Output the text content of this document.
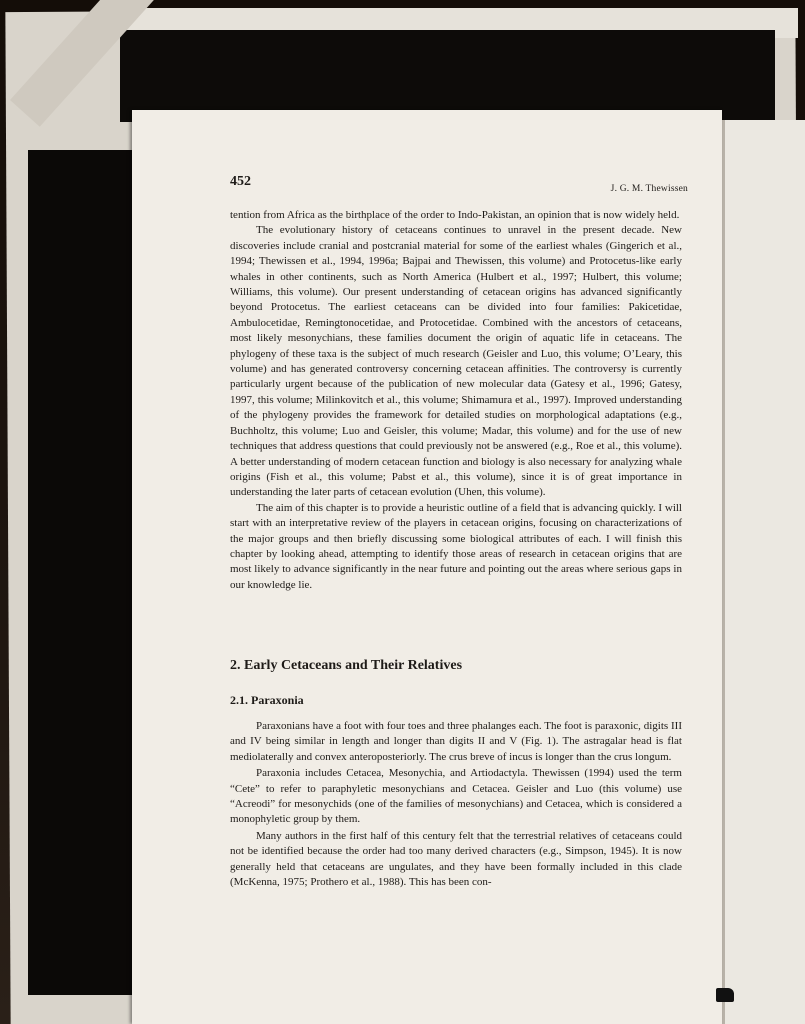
452	J. G. M. Thewissen

tention from Africa as the birthplace of the order to Indo-Pakistan, an opinion that is now widely held.

The evolutionary history of cetaceans continues to unravel in the present decade. New discoveries include cranial and postcranial material for some of the earliest whales (Gingerich et al., 1994; Thewissen et al., 1994, 1996a; Bajpai and Thewissen, this volume) and Protocetus-like early whales in other continents, such as North America (Hulbert et al., 1997; Hulbert, this volume; Williams, this volume). Our present understanding of cetacean origins has advanced significantly beyond Protocetus. The earliest cetaceans can be divided into four families: Pakicetidae, Ambulocetidae, Remingtonocetidae, and Protocetidae. Combined with the ancestors of cetaceans, most likely mesonychians, these families document the origin of aquatic life in cetaceans. The phylogeny of these taxa is the subject of much research (Geisler and Luo, this volume; O’Leary, this volume) and has generated controversy concerning cetacean affinities. The controversy is currently particularly urgent because of the publication of new molecular data (Gatesy et al., 1996; Gatesy, 1997, this volume; Milinkovitch et al., this volume; Shimamura et al., 1997). Improved understanding of the phylogeny provides the framework for detailed studies on morphological adaptations (e.g., Buchholtz, this volume; Luo and Geisler, this volume; Madar, this volume) and for the use of new techniques that address questions that could previously not be answered (e.g., Roe et al., this volume). A better understanding of modern cetacean function and biology is also necessary for analyzing whale origins (Fish et al., this volume; Pabst et al., this volume), since it is of great importance in understanding the later parts of cetacean evolution (Uhen, this volume).

The aim of this chapter is to provide a heuristic outline of a field that is advancing quickly. I will start with an interpretative review of the players in cetacean origins, focusing on characterizations of the major groups and then briefly discussing some biological attributes of each. I will finish this chapter by looking ahead, attempting to identify those areas of research in cetacean origins that are most likely to advance significantly in the near future and pointing out the areas where serious gaps in our knowledge lie.

2. Early Cetaceans and Their Relatives
2.1. Paraxonia

Paraxonians have a foot with four toes and three phalanges each. The foot is paraxonic, digits III and IV being similar in length and longer than digits II and V (Fig. 1). The astragalar head is flat mediolaterally and convex anteroposteriorly. The crus breve of incus is longer than the crus longum.

Paraxonia includes Cetacea, Mesonychia, and Artiodactyla. Thewissen (1994) used the term “Cete” to refer to paraphyletic mesonychians and Cetacea. Geisler and Luo (this volume) use “Acreodi” for mesonychids (one of the families of mesonychians) and Cetacea, which is considered a monophyletic group by them.

Many authors in the first half of this century felt that the terrestrial relatives of cetaceans could not be identified because the order had too many derived characters (e.g., Simpson, 1945). It is now generally held that cetaceans are ungulates, and they have been formally included in this clade (McKenna, 1975; Prothero et al., 1988). This has been con-
